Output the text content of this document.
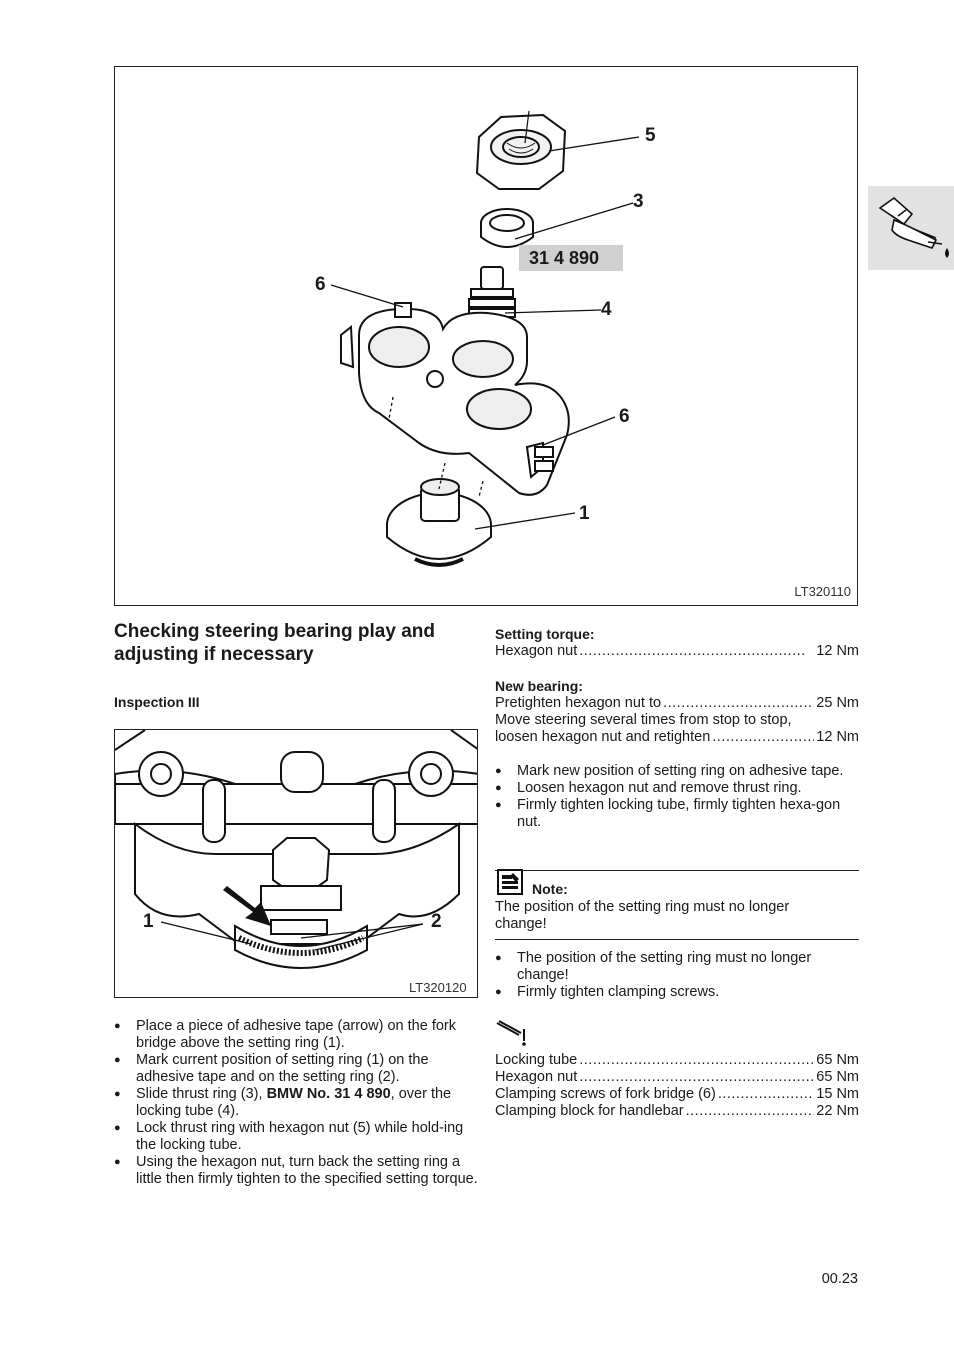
5
3
31 4 890
4
6
6
1
LT320110
Checking steering bearing play and adjusting if necessary
Inspection III
1	2
LT320120
● Place a piece of adhesive tape (arrow) on the fork bridge above the setting ring (1).
● Mark current position of setting ring (1) on the adhesive tape and on the setting ring (2).
● Slide thrust ring (3), BMW No. 31 4 890, over the locking tube (4).
● Lock thrust ring with hexagon nut (5) while hold-ing the locking tube.
● Using the hexagon nut, turn back the setting ring a little then firmly tighten to the specified setting torque.
Setting torque:
Hexagon nut .....	12 Nm
New bearing:
Pretighten hexagon nut to .....	25 Nm
Move steering several times from stop to stop,
loosen hexagon nut and retighten .....	12 Nm
● Mark new position of setting ring on adhesive tape.
● Loosen hexagon nut and remove thrust ring.
● Firmly tighten locking tube, firmly tighten hexa-gon nut.
Note:
The position of the setting ring must no longer change!
● The position of the setting ring must no longer change!
● Firmly tighten clamping screws.
Locking tube .....	65 Nm
Hexagon nut .....	65 Nm
Clamping screws of fork bridge (6) .....	15 Nm
Clamping block for handlebar .....	22 Nm
00.23
